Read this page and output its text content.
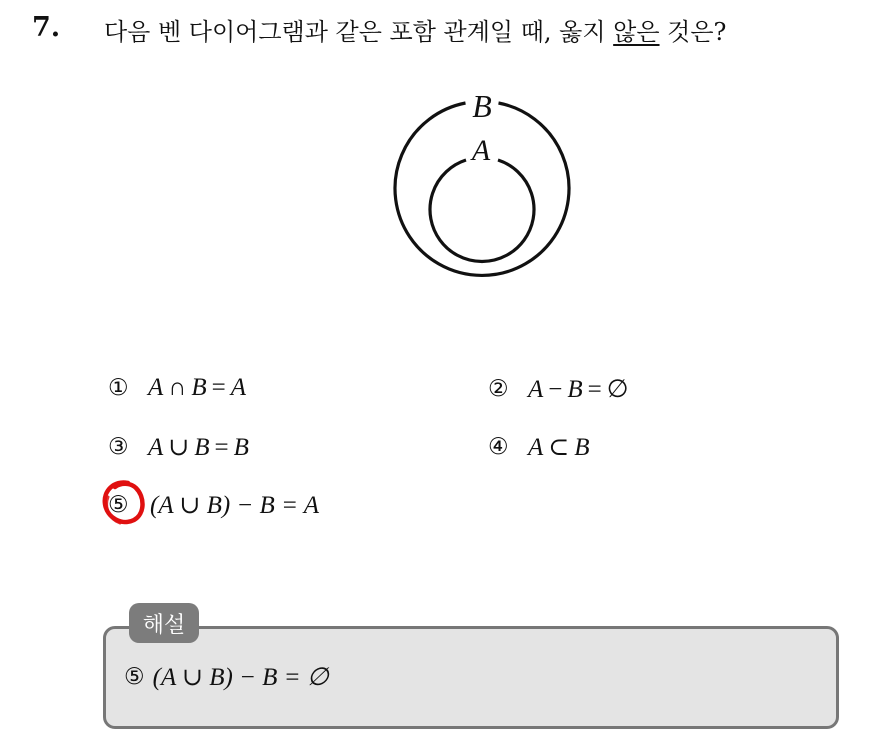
7. 다음 벤 다이어그램과 같은 포함 관계일 때, 옳지 않은 것은?
B
A
① A ∩ B = A	② A − B = ∅
③ A ∪ B = B	④ A ⊂ B
⑤ (A ∪ B) − B = A
해설
⑤ (A ∪ B) − B = ∅
